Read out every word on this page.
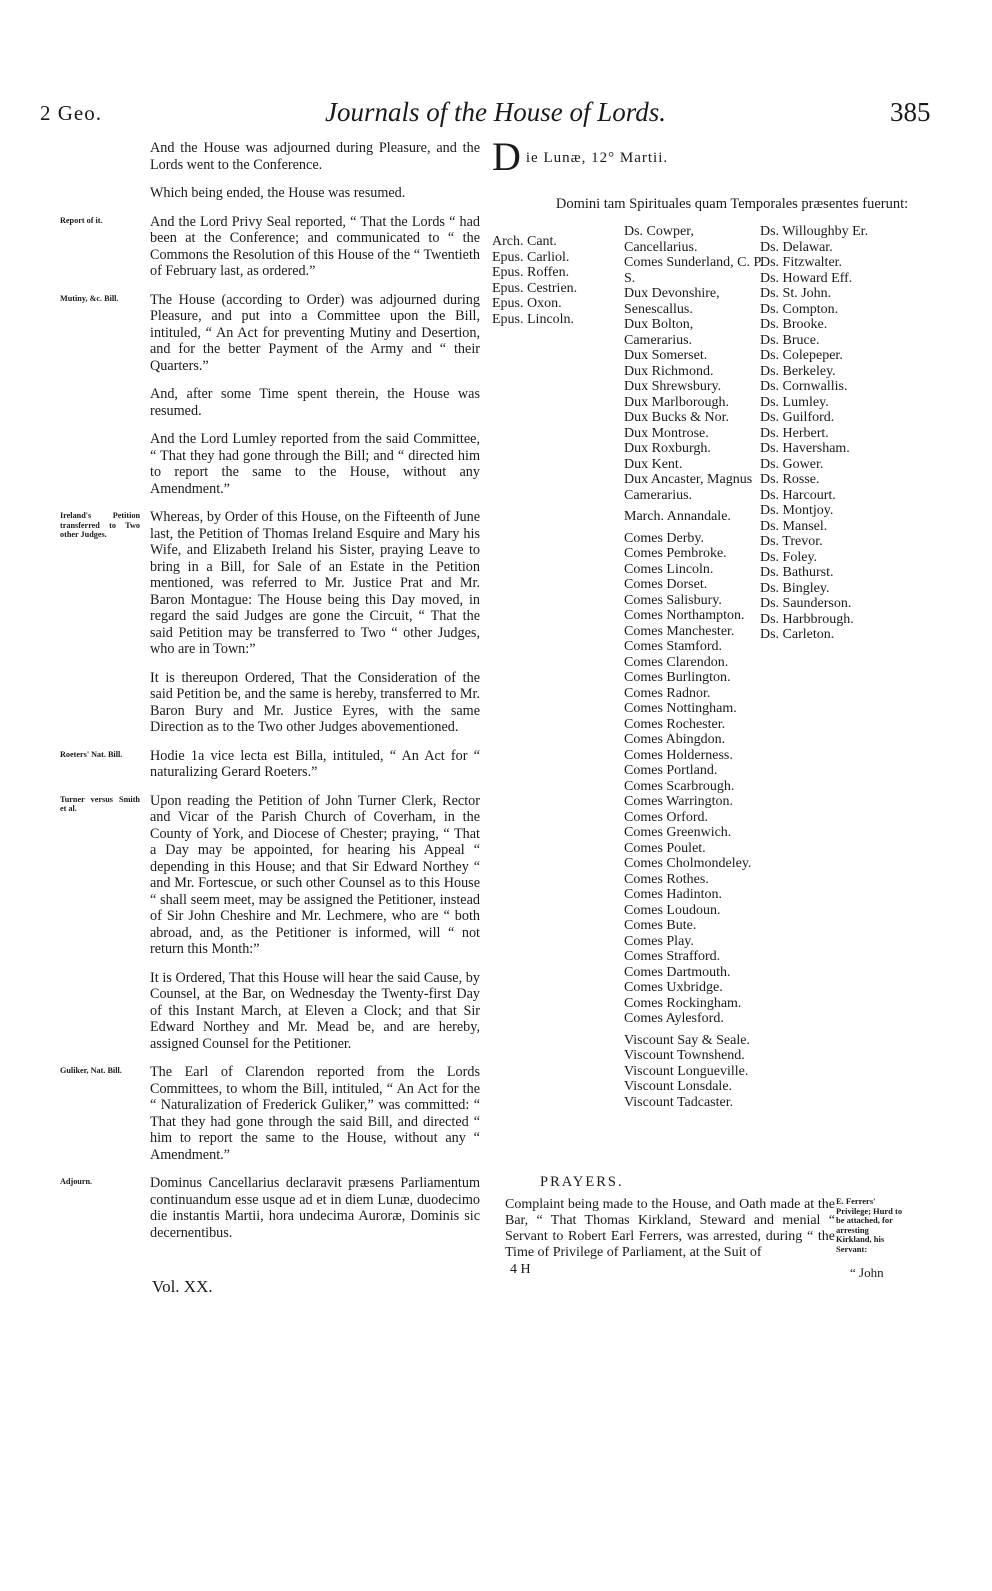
2 Geo.	Journals of the House of Lords.	385
And the House was adjourned during Pleasure, and the Lords went to the Conference.
Which being ended, the House was resumed.
Report of it.	And the Lord Privy Seal reported, “ That the Lords “ had been at the Conference; and communicated to “ the Commons the Resolution of this House of the “ Twentieth of February last, as ordered.”
Mutiny, &c. Bill.	The House (according to Order) was adjourned during Pleasure, and put into a Committee upon the Bill, intituled, “ An Act for preventing Mutiny and Desertion, and for the better Payment of the Army and “ their Quarters.”
And, after some Time spent therein, the House was resumed.
And the Lord Lumley reported from the said Committee, “ That they had gone through the Bill; and “ directed him to report the same to the House, without any Amendment.”
Ireland's Petition transferred to Two other Judges.
Whereas, by Order of this House, on the Fifteenth of June last, the Petition of Thomas Ireland Esquire and Mary his Wife, and Elizabeth Ireland his Sister, praying Leave to bring in a Bill, for Sale of an Estate in the Petition mentioned, was referred to Mr. Justice Prat and Mr. Baron Montague: The House being this Day moved, in regard the said Judges are gone the Circuit, “ That the said Petition may be transferred to Two “ other Judges, who are in Town:”
It is thereupon Ordered, That the Consideration of the said Petition be, and the same is hereby, transferred to Mr. Baron Bury and Mr. Justice Eyres, with the same Direction as to the Two other Judges abovementioned.
Roeters' Nat. Bill.	Hodie 1a vice lecta est Billa, intituled, “ An Act for “ naturalizing Gerard Roeters.”
Turner versus Smith et al.	Upon reading the Petition of John Turner Clerk, Rector and Vicar of the Parish Church of Coverham, in the County of York, and Diocese of Chester; praying, “ That a Day may be appointed, for hearing his Appeal “ depending in this House; and that Sir Edward Northey “ and Mr. Fortescue, or such other Counsel as to this House “ shall seem meet, may be assigned the Petitioner, instead of Sir John Cheshire and Mr. Lechmere, who are “ both abroad, and, as the Petitioner is informed, will “ not return this Month:”
It is Ordered, That this House will hear the said Cause, by Counsel, at the Bar, on Wednesday the Twenty-first Day of this Instant March, at Eleven a Clock; and that Sir Edward Northey and Mr. Mead be, and are hereby, assigned Counsel for the Petitioner.
Guliker, Nat. Bill.	The Earl of Clarendon reported from the Lords Committees, to whom the Bill, intituled, “ An Act for the “ Naturalization of Frederick Guliker,” was committed: “ That they had gone through the said Bill, and directed “ him to report the same to the House, without any “ Amendment.”
Adjourn.	Dominus Cancellarius declaravit præsens Parliamentum continuandum esse usque ad et in diem Lunæ, duodecimo die instantis Martii, hora undecima Auroræ, Dominis sic decernentibus.
Die Lunæ, 12° Martii.
Domini tam Spirituales quam Temporales præsentes fuerunt:
Arch. Cant.
Epus. Carliol.
Epus. Roffen.
Epus. Cestrien.
Epus. Oxon.
Epus. Lincoln.
Ds. Cowper, Cancellarius.
Comes Sunderland, C. P. S.
Dux Devonshire, Senescallus.
Dux Bolton, Camerarius.
Dux Somerset.
Dux Richmond.
Dux Shrewsbury.
Dux Marlborough.
Dux Bucks & Nor.
Dux Montrose.
Dux Roxburgh.
Dux Kent.
Dux Ancaster, Magnus Camerarius.
March. Annandale.
Comes Derby.
Comes Pembroke.
Comes Lincoln.
Comes Dorset.
Comes Salisbury.
Comes Northampton.
Comes Manchester.
Comes Stamford.
Comes Clarendon.
Comes Burlington.
Comes Radnor.
Comes Nottingham.
Comes Rochester.
Comes Abingdon.
Comes Holderness.
Comes Portland.
Comes Scarbrough.
Comes Warrington.
Comes Orford.
Comes Greenwich.
Comes Poulet.
Comes Cholmondeley.
Comes Rothes.
Comes Hadinton.
Comes Loudoun.
Comes Bute.
Comes Play.
Comes Strafford.
Comes Dartmouth.
Comes Uxbridge.
Comes Rockingham.
Comes Aylesford.
Viscount Say & Seale.
Viscount Townshend.
Viscount Longueville.
Viscount Lonsdale.
Viscount Tadcaster.
Ds. Willoughby Er.
Ds. Delawar.
Ds. Fitzwalter.
Ds. Howard Eff.
Ds. St. John.
Ds. Compton.
Ds. Brooke.
Ds. Bruce.
Ds. Colepeper.
Ds. Berkeley.
Ds. Cornwallis.
Ds. Lumley.
Ds. Guilford.
Ds. Herbert.
Ds. Haversham.
Ds. Gower.
Ds. Rosse.
Ds. Harcourt.
Ds. Montjoy.
Ds. Mansel.
Ds. Trevor.
Ds. Foley.
Ds. Bathurst.
Ds. Bingley.
Ds. Saunderson.
Ds. Harbbrough.
Ds. Carleton.
PRAYERS.
Complaint being made to the House, and Oath made at the Bar, “ That Thomas Kirkland, Steward and menial “ Servant to Robert Earl Ferrers, was arrested, during “ the Time of Privilege of Parliament, at the Suit of
E. Ferrers' Privilege; Hurd to be attached, for arresting Kirkland, his Servant:
4 H	“ John
Vol. XX.
